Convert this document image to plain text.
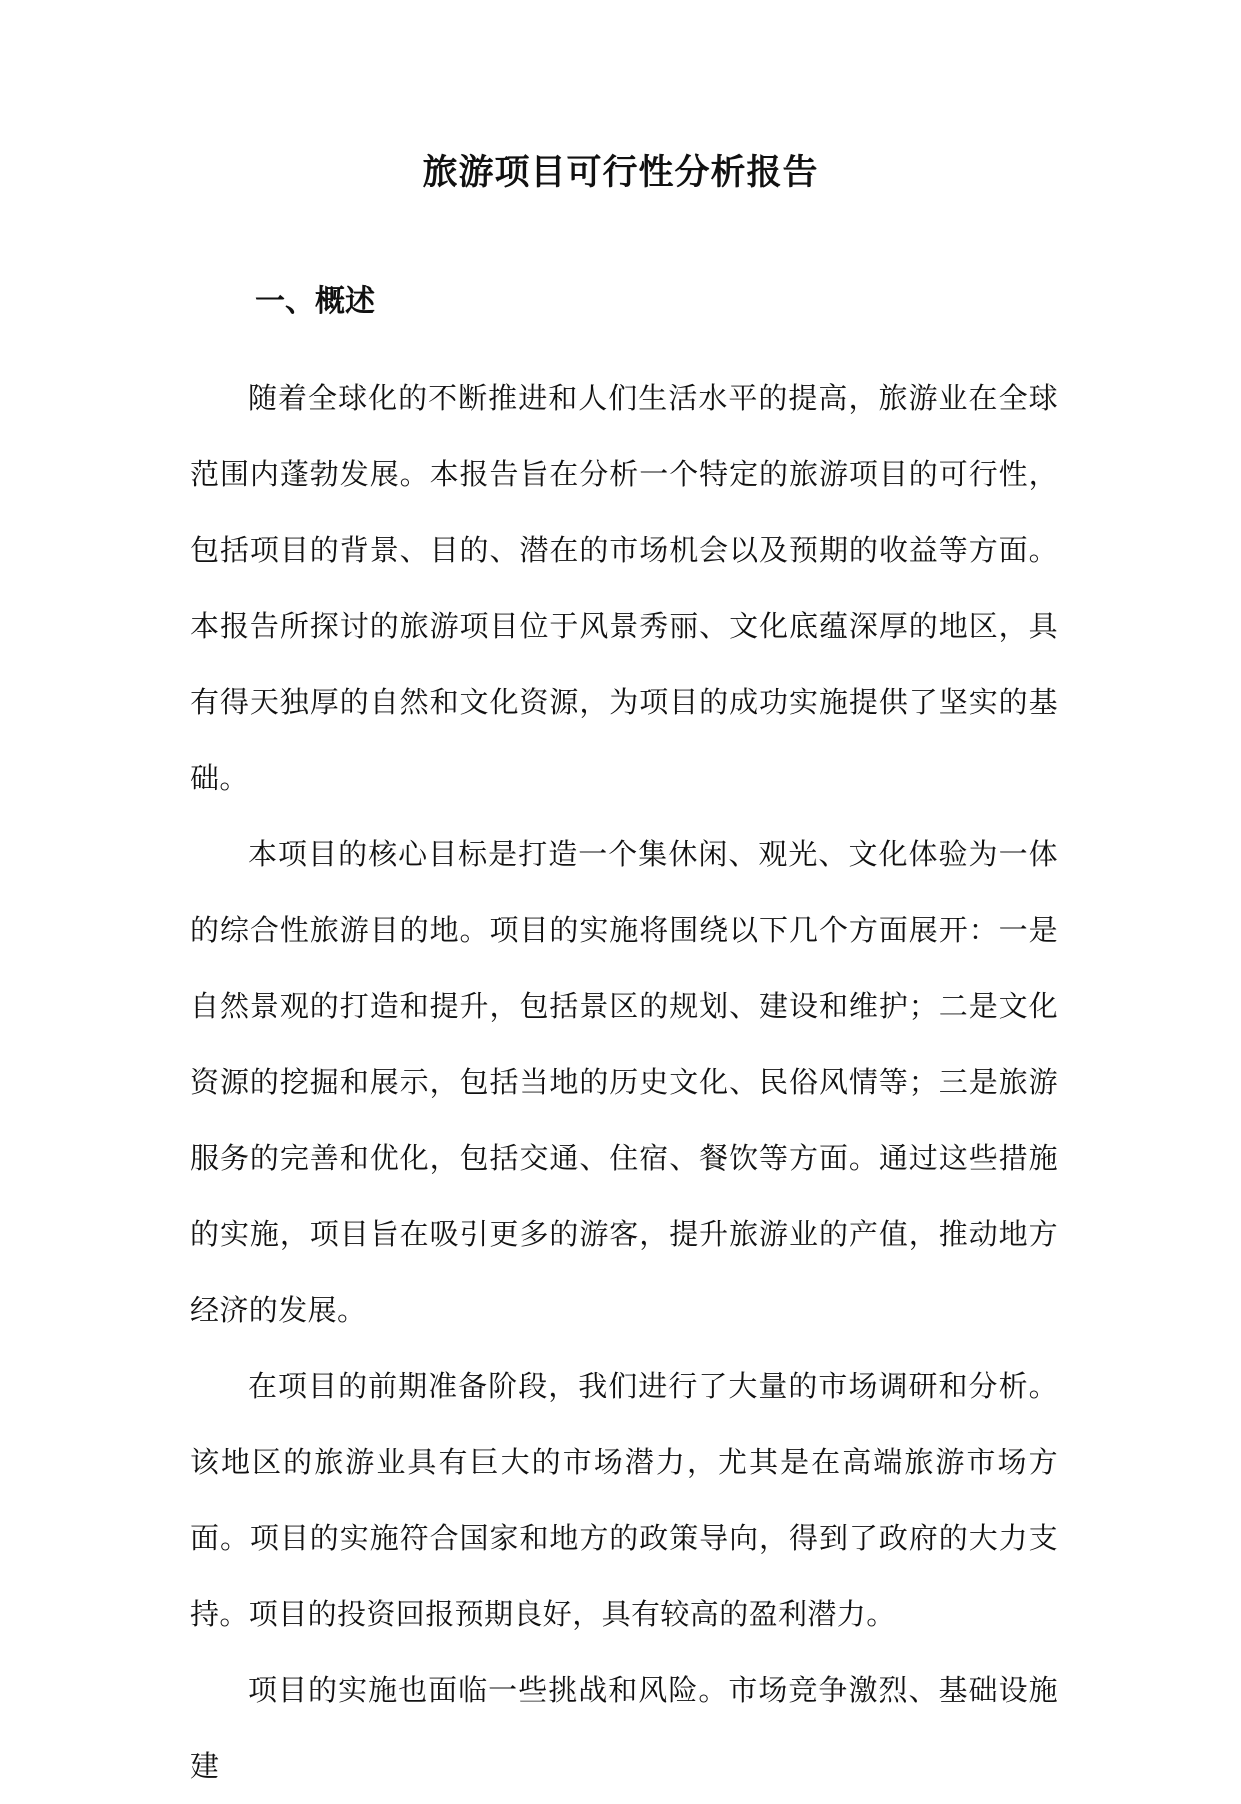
旅游项目可行性分析报告
一、概述

随着全球化的不断推进和人们生活水平的提高，旅游业在全球范围内蓬勃发展。本报告旨在分析一个特定的旅游项目的可行性，包括项目的背景、目的、潜在的市场机会以及预期的收益等方面。本报告所探讨的旅游项目位于风景秀丽、文化底蕴深厚的地区，具有得天独厚的自然和文化资源，为项目的成功实施提供了坚实的基础。

本项目的核心目标是打造一个集休闲、观光、文化体验为一体的综合性旅游目的地。项目的实施将围绕以下几个方面展开：一是自然景观的打造和提升，包括景区的规划、建设和维护；二是文化资源的挖掘和展示，包括当地的历史文化、民俗风情等；三是旅游服务的完善和优化，包括交通、住宿、餐饮等方面。通过这些措施的实施，项目旨在吸引更多的游客，提升旅游业的产值，推动地方经济的发展。

在项目的前期准备阶段，我们进行了大量的市场调研和分析。该地区的旅游业具有巨大的市场潜力，尤其是在高端旅游市场方面。项目的实施符合国家和地方的政策导向，得到了政府的大力支持。项目的投资回报预期良好，具有较高的盈利潜力。

项目的实施也面临一些挑战和风险。市场竞争激烈、基础设施建
